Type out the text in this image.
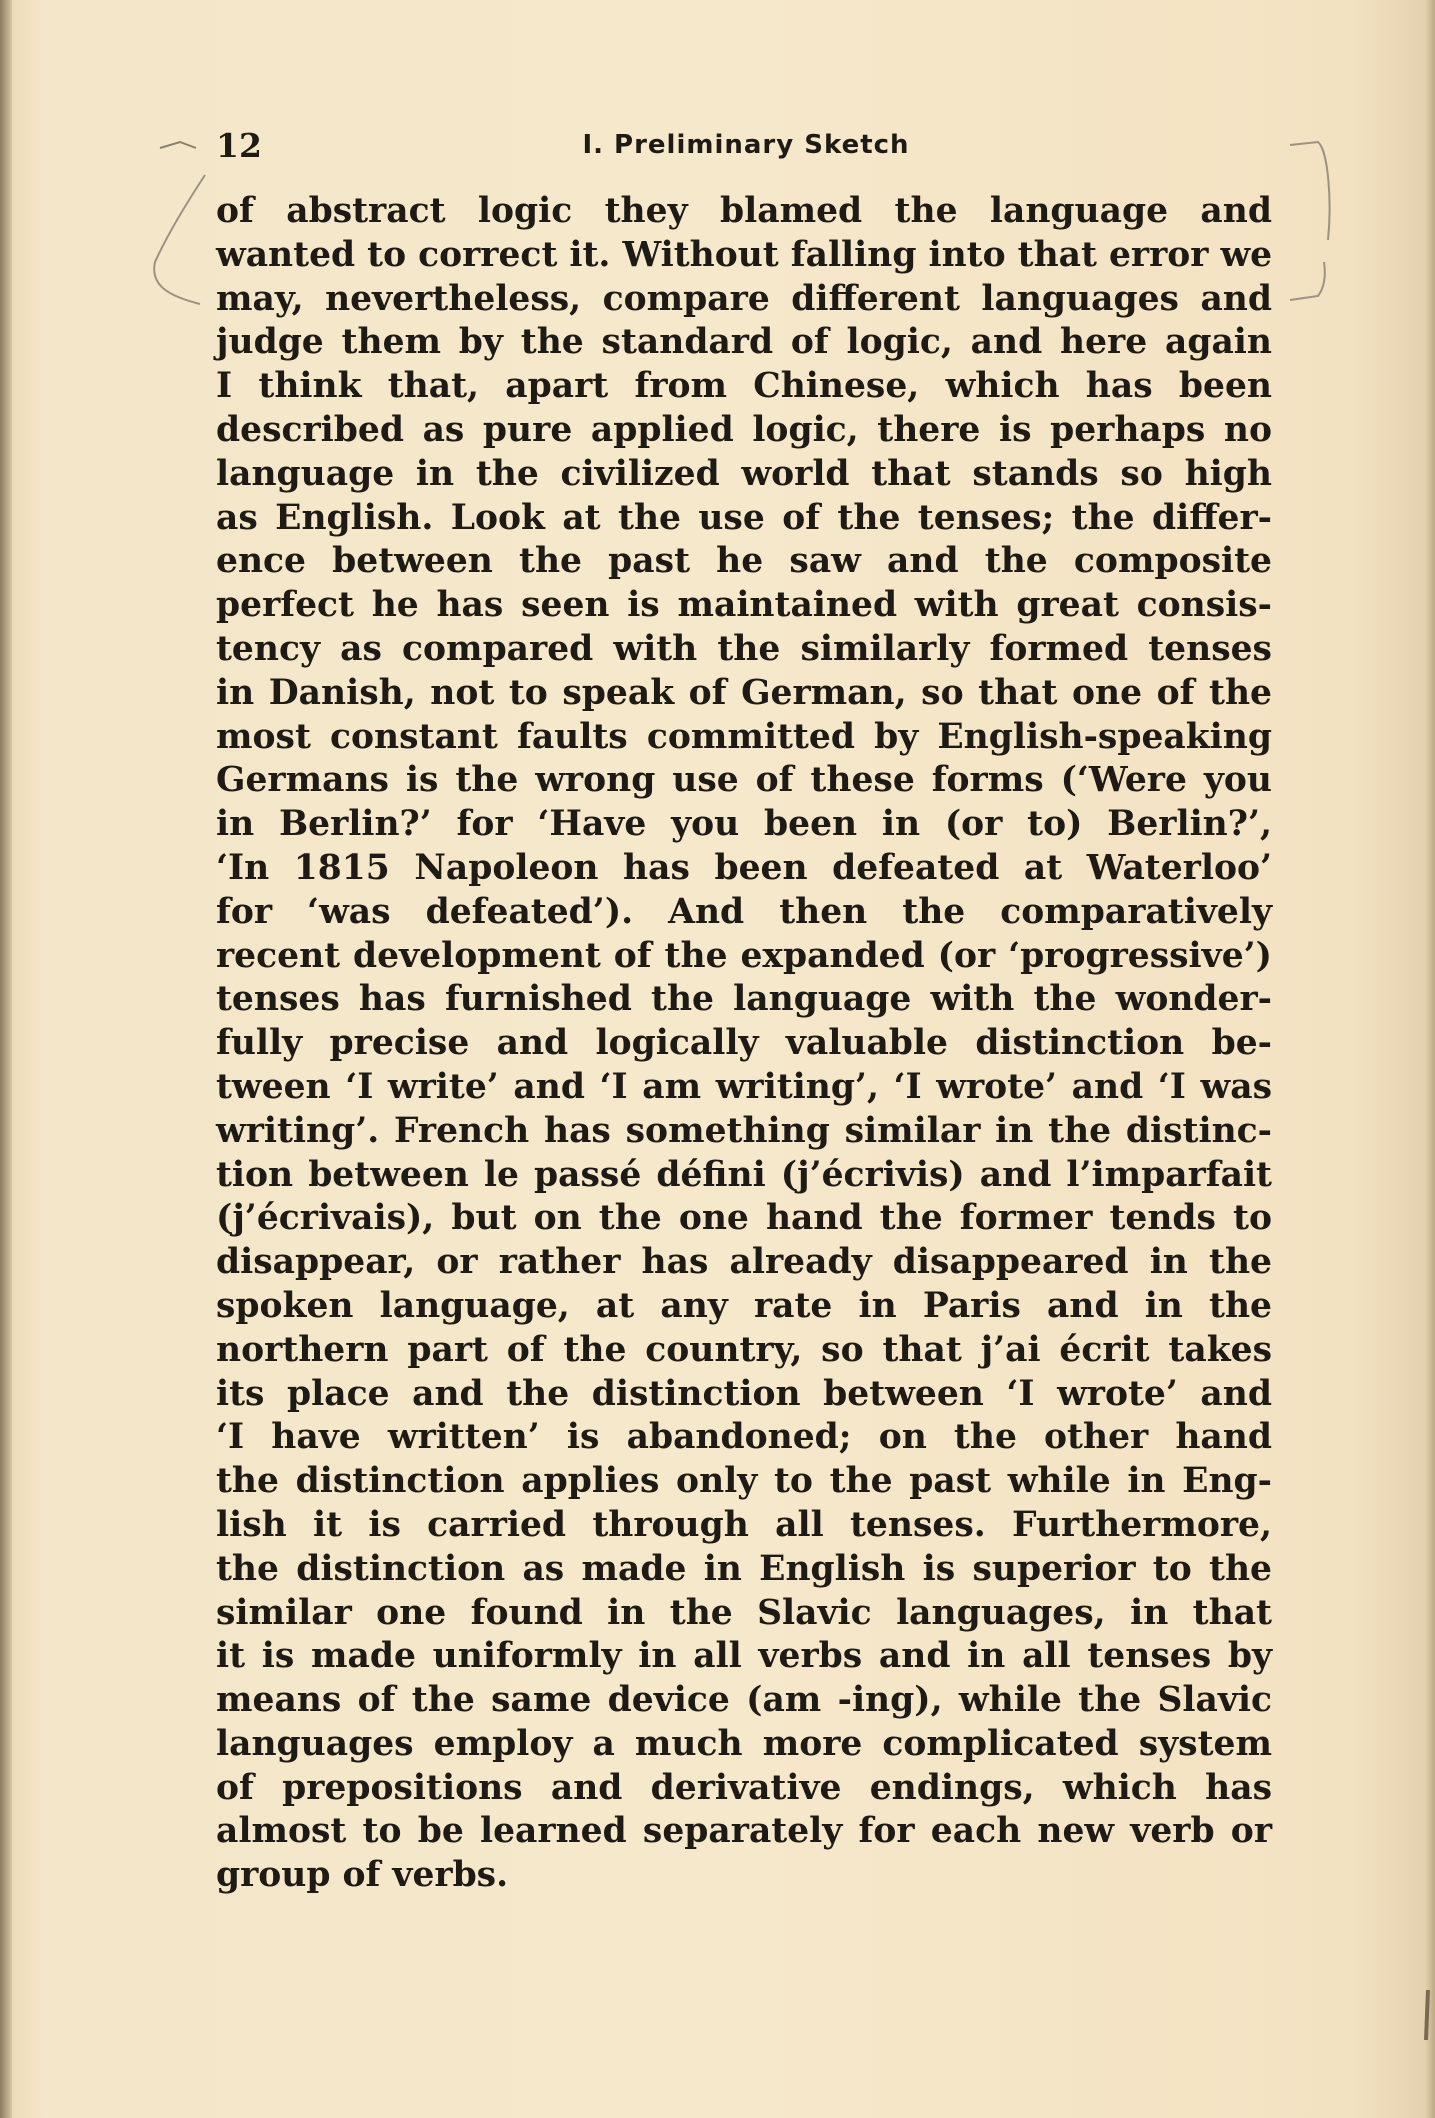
12	I. Preliminary Sketch
of abstract logic they blamed the language and
wanted to correct it. Without falling into that error we
may, nevertheless, compare different languages and
judge them by the standard of logic, and here again
I think that, apart from Chinese, which has been
described as pure applied logic, there is perhaps no
language in the civilized world that stands so high
as English. Look at the use of the tenses; the differ-
ence between the past he saw and the composite
perfect he has seen is maintained with great consis-
tency as compared with the similarly formed tenses
in Danish, not to speak of German, so that one of the
most constant faults committed by English-speaking
Germans is the wrong use of these forms (‘Were you
in Berlin?’ for ‘Have you been in (or to) Berlin?’,
‘In 1815 Napoleon has been defeated at Waterloo’
for ‘was defeated’). And then the comparatively
recent development of the expanded (or ‘progressive’)
tenses has furnished the language with the wonder-
fully precise and logically valuable distinction be-
tween ‘I write’ and ‘I am writing’, ‘I wrote’ and ‘I was
writing’. French has something similar in the distinc-
tion between le passé défini (j’écrivis) and l’imparfait
(j’écrivais), but on the one hand the former tends to
disappear, or rather has already disappeared in the
spoken language, at any rate in Paris and in the
northern part of the country, so that j’ai écrit takes
its place and the distinction between ‘I wrote’ and
‘I have written’ is abandoned; on the other hand
the distinction applies only to the past while in Eng-
lish it is carried through all tenses. Furthermore,
the distinction as made in English is superior to the
similar one found in the Slavic languages, in that
it is made uniformly in all verbs and in all tenses by
means of the same device (am -ing), while the Slavic
languages employ a much more complicated system
of prepositions and derivative endings, which has
almost to be learned separately for each new verb or
group of verbs.
